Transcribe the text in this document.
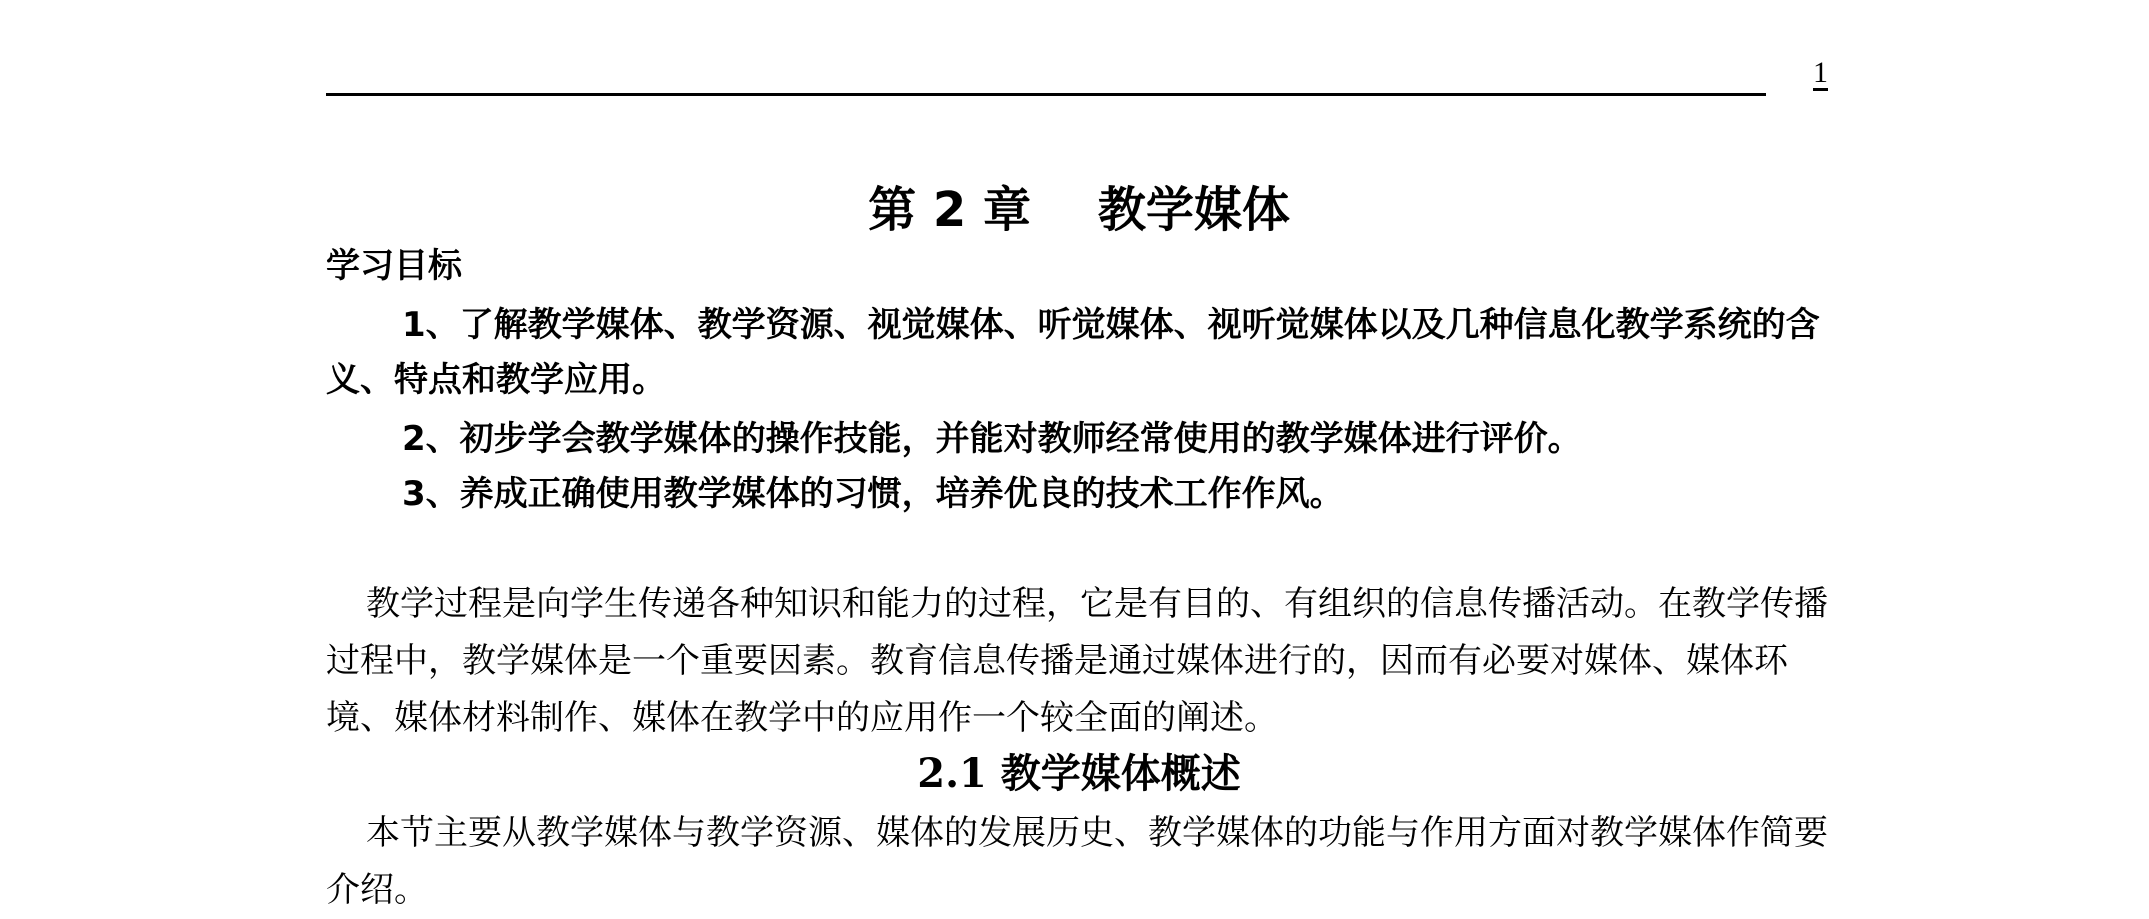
1
第 2 章    教学媒体
学习目标
1、了解教学媒体、教学资源、视觉媒体、听觉媒体、视听觉媒体以及几种信息化教学系统的含义、特点和教学应用。
2、初步学会教学媒体的操作技能，并能对教师经常使用的教学媒体进行评价。
3、养成正确使用教学媒体的习惯，培养优良的技术工作作风。
教学过程是向学生传递各种知识和能力的过程，它是有目的、有组织的信息传播活动。在教学传播过程中，教学媒体是一个重要因素。教育信息传播是通过媒体进行的，因而有必要对媒体、媒体环境、媒体材料制作、媒体在教学中的应用作一个较全面的阐述。
2.1 教学媒体概述
本节主要从教学媒体与教学资源、媒体的发展历史、教学媒体的功能与作用方面对教学媒体作简要介绍。
